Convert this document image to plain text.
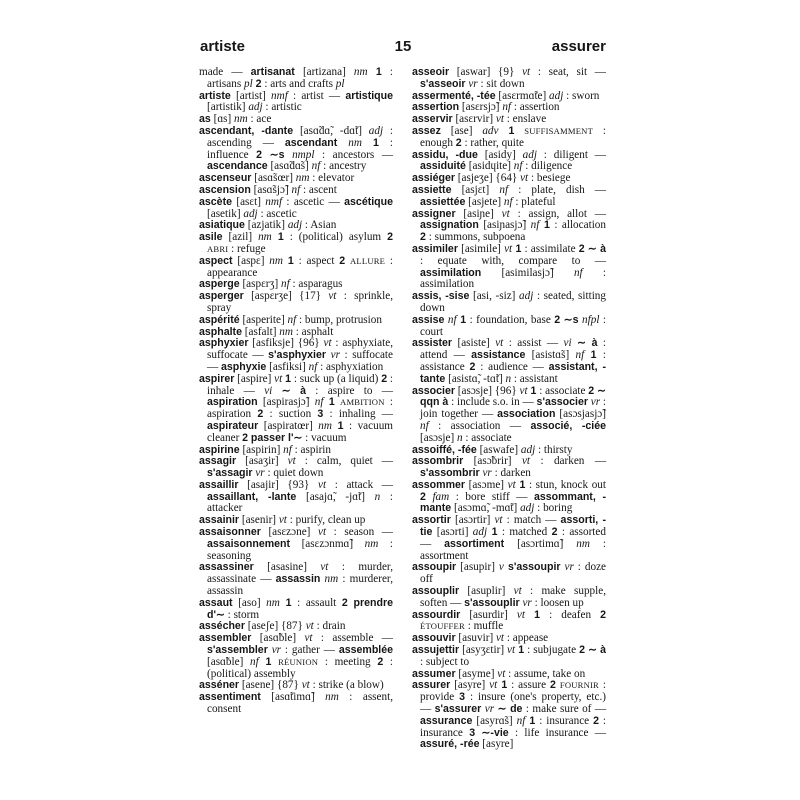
artiste	15	assurer

made — artisanat [artizana] nm 1 : artisans pl 2 : arts and crafts pl

artiste [artist] nmf : artist — artistique [artistik] adj : artistic

as [ɑs] nm : ace

ascendant, -dante [asɑ̃dɑ̃, -dɑ̃t] adj : ascending — ascendant nm 1 : influence 2 ∼s nmpl : ancestors — ascendance [asɑ̃dɑ̃s] nf : ancestry

ascenseur [asɑ̃sœr] nm : elevator

ascension [asɑ̃sjɔ̃] nf : ascent

ascète [asɛt] nmf : ascetic — ascétique [asetik] adj : ascetic

asiatique [azjatik] adj : Asian

asile [azil] nm 1 : (political) asylum 2 ABRI : refuge

aspect [aspɛ] nm 1 : aspect 2 ALLURE : appearance

asperge [aspɛrʒ] nf : asparagus

asperger [aspɛrʒe] {17} vt : sprinkle, spray

aspérité [asperite] nf : bump, protrusion

asphalte [asfalt] nm : asphalt

asphyxier [asfiksje] {96} vt : asphyxiate, suffocate — s'asphyxier vr : suffocate — asphyxie [asfiksi] nf : asphyxiation

aspirer [aspire] vt 1 : suck up (a liquid) 2 : inhale — vi ∼ à : aspire to — aspiration [aspirasjɔ̃] nf 1 AMBITION : aspiration 2 : suction 3 : inhaling — aspirateur [aspiratœr] nm 1 : vacuum cleaner 2 passer l'∼ : vacuum

aspirine [aspirin] nf : aspirin

assagir [asaʒir] vt : calm, quiet — s'assagir vr : quiet down

assaillir [asajir] {93} vt : attack — assaillant, -lante [asajɑ̃, -jɑ̃t] n : attacker

assainir [asenir] vt : purify, clean up

assaisonner [asɛzɔne] vt : season — assaisonnement [asɛzɔnmɑ̃] nm : seasoning

assassiner [asasine] vt : murder, assassinate — assassin nm : murderer, assassin

assaut [aso] nm 1 : assault 2 prendre d'∼ : storm

assécher [aseʃe] {87} vt : drain

assembler [asɑ̃ble] vt : assemble — s'assembler vr : gather — assemblée [asɑ̃ble] nf 1 RÉUNION : meeting 2 : (political) assembly

asséner [asene] {87} vt : strike (a blow)

assentiment [asɑ̃timɑ̃] nm : assent, consent

asseoir [aswar] {9} vt : seat, sit — s'asseoir vr : sit down

assermenté, -tée [asɛrmɑ̃te] adj : sworn

assertion [asɛrsjɔ̃] nf : assertion

asservir [asɛrvir] vt : enslave

assez [ase] adv 1 SUFFISAMMENT : enough 2 : rather, quite

assidu, -due [asidy] adj : diligent — assiduité [asidɥite] nf : diligence

assiéger [asjeʒe] {64} vt : besiege

assiette [asjɛt] nf : plate, dish — assiettée [asjete] nf : plateful

assigner [asiɲe] vt : assign, allot — assignation [asiɲasjɔ̃] nf 1 : allocation 2 : summons, subpoena

assimiler [asimile] vt 1 : assimilate 2 ∼ à : equate with, compare to — assimilation [asimilasjɔ̃] nf : assimilation

assis, -sise [asi, -siz] adj : seated, sitting down

assise nf 1 : foundation, base 2 ∼s nfpl : court

assister [asiste] vt : assist — vi ∼ à : attend — assistance [asistɑ̃s] nf 1 : assistance 2 : audience — assistant, -tante [asistɑ̃, -tɑ̃t] n : assistant

associer [asɔsje] {96} vt 1 : associate 2 ∼ qqn à : include s.o. in — s'associer vr : join together — association [asɔsjasjɔ̃] nf : association — associé, -ciée [asɔsje] n : associate

assoiffé, -fée [aswafe] adj : thirsty

assombrir [asɔ̃brir] vt : darken — s'assombrir vr : darken

assommer [asɔme] vt 1 : stun, knock out 2 fam : bore stiff — assommant, -mante [asɔmɑ̃, -mɑ̃t] adj : boring

assortir [asɔrtir] vt : match — assorti, -tie [asɔrti] adj 1 : matched 2 : assorted — assortiment [asɔrtimɑ̃] nm : assortment

assoupir [asupir] v s'assoupir vr : doze off

assouplir [asuplir] vt : make supple, soften — s'assouplir vr : loosen up

assourdir [asurdir] vt 1 : deafen 2 ÉTOUFFER : muffle

assouvir [asuvir] vt : appease

assujettir [asyʒɛtir] vt 1 : subjugate 2 ∼ à : subject to

assumer [asyme] vt : assume, take on

assurer [asyre] vt 1 : assure 2 FOURNIR : provide 3 : insure (one's property, etc.) — s'assurer vr ∼ de : make sure of — assurance [asyrɑ̃s] nf 1 : insurance 2 : insurance 3 ∼-vie : life insurance — assuré, -rée [asyre]
